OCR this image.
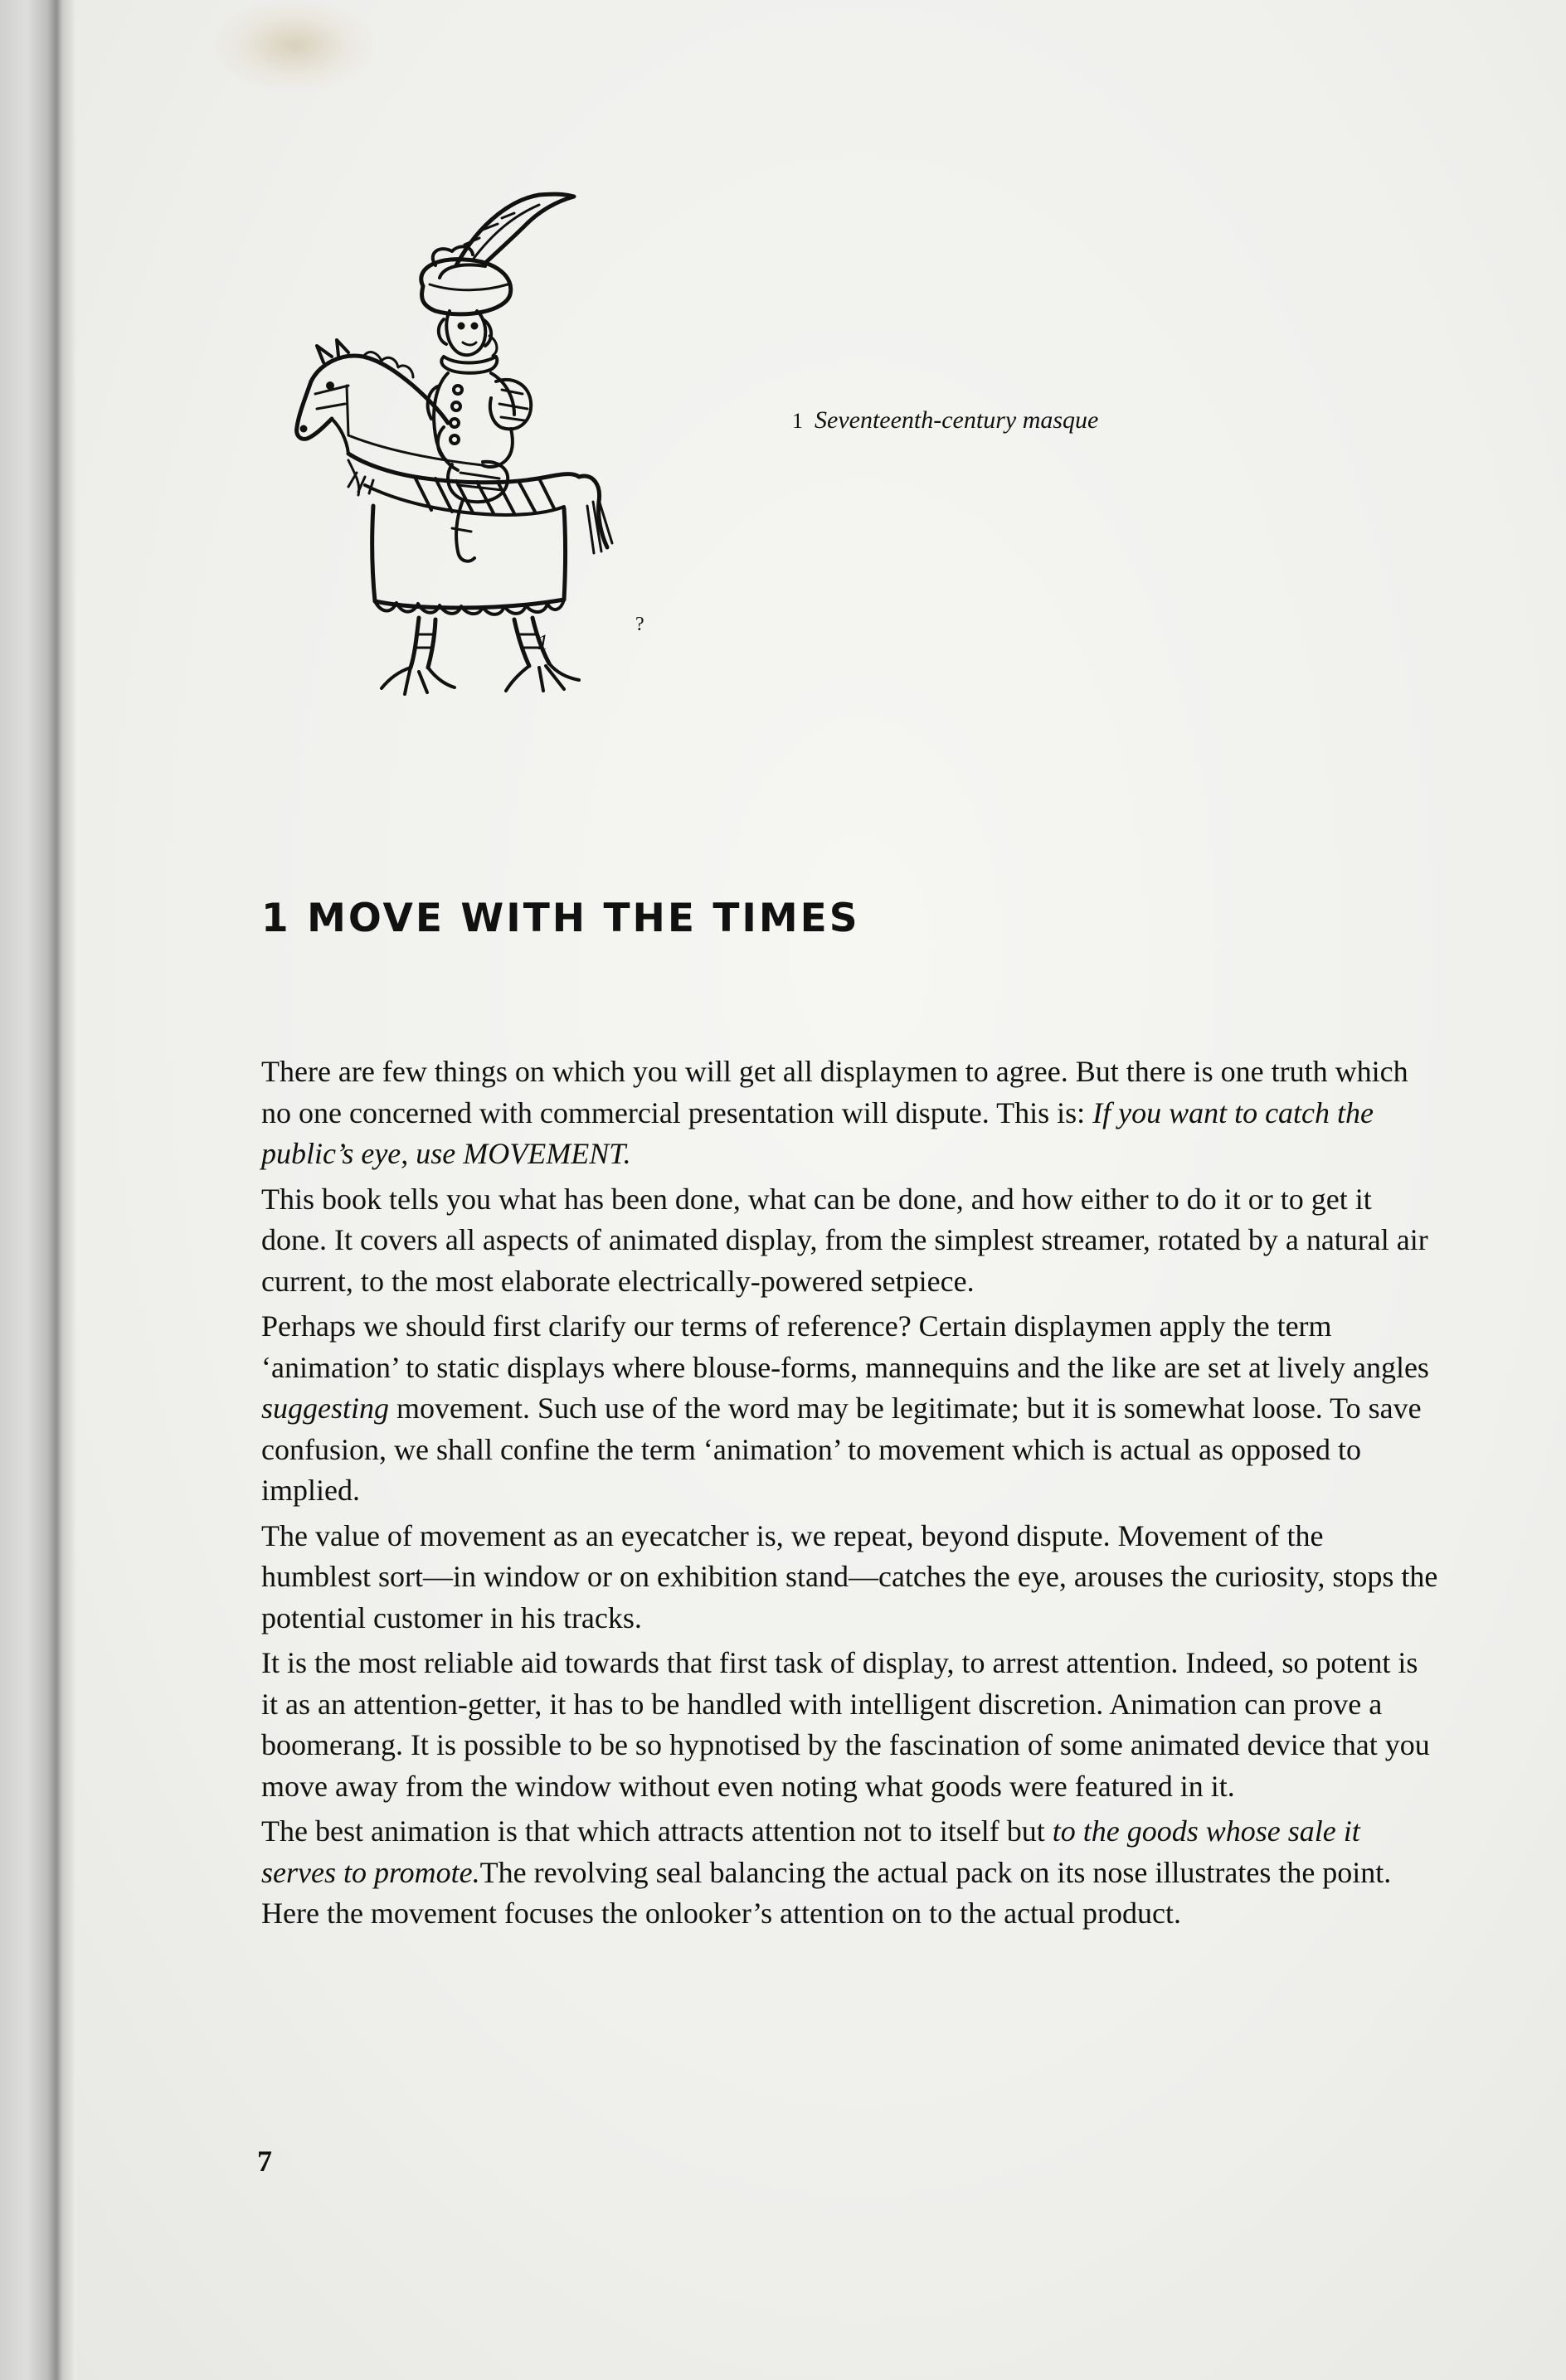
1
?
1 Seventeenth-century masque
1 MOVE WITH THE TIMES

There are few things on which you will get all displaymen to agree. But there is one truth which no one concerned with commercial presentation will dispute. This is: If you want to catch the public’s eye, use MOVEMENT.

This book tells you what has been done, what can be done, and how either to do it or to get it done. It covers all aspects of animated display, from the simplest streamer, rotated by a natural air current, to the most elaborate electrically-powered setpiece.

Perhaps we should first clarify our terms of reference? Certain displaymen apply the term ‘animation’ to static displays where blouse-forms, mannequins and the like are set at lively angles suggesting movement. Such use of the word may be legitimate; but it is somewhat loose. To save confusion, we shall confine the term ‘animation’ to movement which is actual as opposed to implied.

The value of movement as an eyecatcher is, we repeat, beyond dispute. Movement of the humblest sort—in window or on exhibition stand—catches the eye, arouses the curiosity, stops the potential customer in his tracks.

It is the most reliable aid towards that first task of display, to arrest attention. Indeed, so potent is it as an attention-getter, it has to be handled with intelligent discretion. Animation can prove a boomerang. It is possible to be so hypnotised by the fascination of some animated device that you move away from the window without even noting what goods were featured in it.

The best animation is that which attracts attention not to itself but to the goods whose sale it serves to promote.The revolving seal balancing the actual pack on its nose illustrates the point. Here the movement focuses the onlooker’s attention on to the actual product.

7
